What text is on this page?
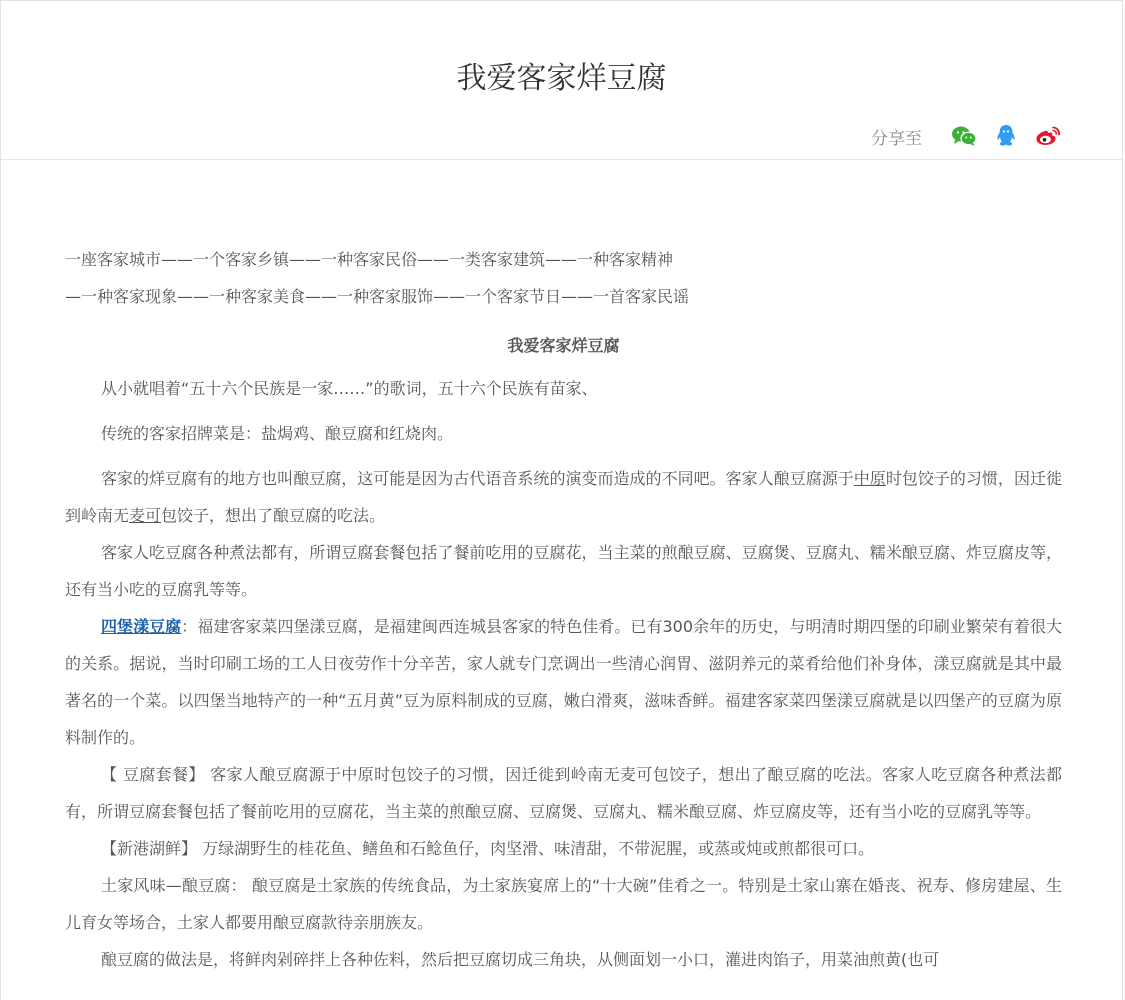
我爱客家烊豆腐
分享至

一座客家城市——一个客家乡镇——一种客家民俗——一类客家建筑——一种客家精神
—一种客家现象——一种客家美食——一种客家服饰——一个客家节日——一首客家民谣

我爱客家烊豆腐

从小就唱着“五十六个民族是一家……”的歌词，五十六个民族有苗家、

传统的客家招牌菜是：盐焗鸡、酿豆腐和红烧肉。

客家的烊豆腐有的地方也叫酿豆腐，这可能是因为古代语音系统的演变而造成的不同吧。客家人酿豆腐源于中原时包饺子的习惯，因迁徙到岭南无麦可包饺子，想出了酿豆腐的吃法。

客家人吃豆腐各种煮法都有，所谓豆腐套餐包括了餐前吃用的豆腐花，当主菜的煎酿豆腐、豆腐煲、豆腐丸、糯米酿豆腐、炸豆腐皮等，还有当小吃的豆腐乳等等。

四堡漾豆腐：福建客家菜四堡漾豆腐，是福建闽西连城县客家的特色佳肴。已有300余年的历史，与明清时期四堡的印刷业繁荣有着很大的关系。据说，当时印刷工场的工人日夜劳作十分辛苦，家人就专门烹调出一些清心润胃、滋阴养元的菜肴给他们补身体，漾豆腐就是其中最著名的一个菜。以四堡当地特产的一种“五月黄”豆为原料制成的豆腐，嫩白滑爽，滋味香鲜。福建客家菜四堡漾豆腐就是以四堡产的豆腐为原料制作的。

【 豆腐套餐】 客家人酿豆腐源于中原时包饺子的习惯，因迁徙到岭南无麦可包饺子，想出了酿豆腐的吃法。客家人吃豆腐各种煮法都有，所谓豆腐套餐包括了餐前吃用的豆腐花，当主菜的煎酿豆腐、豆腐煲、豆腐丸、糯米酿豆腐、炸豆腐皮等，还有当小吃的豆腐乳等等。

【新港湖鲜】 万绿湖野生的桂花鱼、鳝鱼和石鲶鱼仔，肉坚滑、味清甜，不带泥腥，或蒸或炖或煎都很可口。

土家风味—酿豆腐： 酿豆腐是土家族的传统食品，为土家族宴席上的“十大碗”佳肴之一。特别是土家山寨在婚丧、祝寿、修房建屋、生儿育女等场合，土家人都要用酿豆腐款待亲朋族友。

酿豆腐的做法是，将鲜肉剁碎拌上各种佐料，然后把豆腐切成三角块，从侧面划一小口，灌进肉馅子，用菜油煎黄(也可
